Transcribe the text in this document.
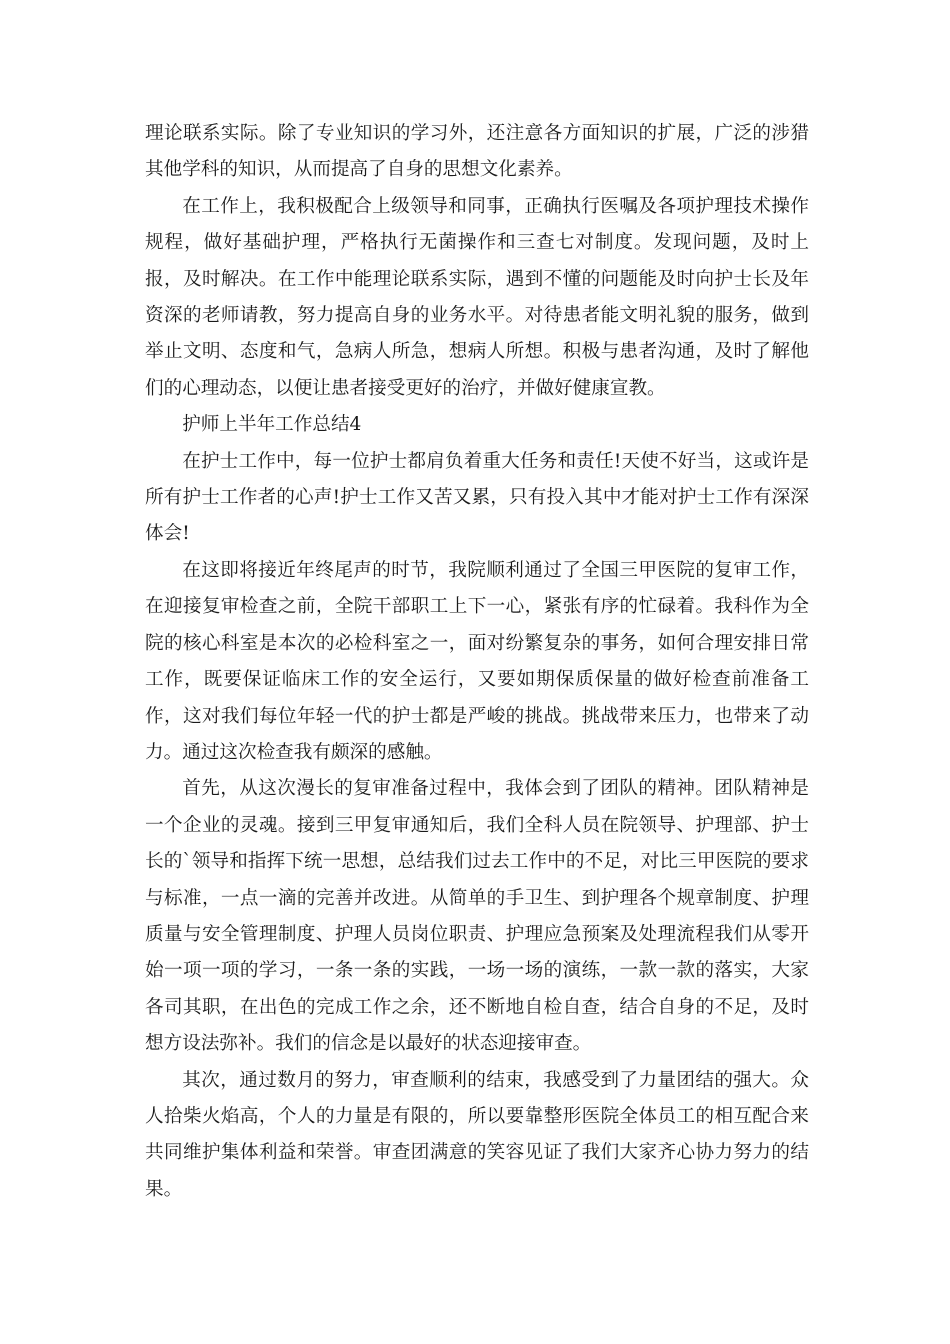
理论联系实际。除了专业知识的学习外，还注意各方面知识的扩展，广泛的涉猎其他学科的知识，从而提高了自身的思想文化素养。

在工作上，我积极配合上级领导和同事，正确执行医嘱及各项护理技术操作规程，做好基础护理，严格执行无菌操作和三查七对制度。发现问题，及时上报，及时解决。在工作中能理论联系实际，遇到不懂的问题能及时向护士长及年资深的老师请教，努力提高自身的业务水平。对待患者能文明礼貌的服务，做到举止文明、态度和气，急病人所急，想病人所想。积极与患者沟通，及时了解他们的心理动态，以便让患者接受更好的治疗，并做好健康宣教。

护师上半年工作总结4

在护士工作中，每一位护士都肩负着重大任务和责任!天使不好当，这或许是所有护士工作者的心声!护士工作又苦又累，只有投入其中才能对护士工作有深深体会!

在这即将接近年终尾声的时节，我院顺利通过了全国三甲医院的复审工作，在迎接复审检查之前，全院干部职工上下一心，紧张有序的忙碌着。我科作为全院的核心科室是本次的必检科室之一，面对纷繁复杂的事务，如何合理安排日常工作，既要保证临床工作的安全运行，又要如期保质保量的做好检查前准备工作，这对我们每位年轻一代的护士都是严峻的挑战。挑战带来压力，也带来了动力。通过这次检查我有颇深的感触。

首先，从这次漫长的复审准备过程中，我体会到了团队的精神。团队精神是一个企业的灵魂。接到三甲复审通知后，我们全科人员在院领导、护理部、护士长的`领导和指挥下统一思想，总结我们过去工作中的不足，对比三甲医院的要求与标准，一点一滴的完善并改进。从简单的手卫生、到护理各个规章制度、护理质量与安全管理制度、护理人员岗位职责、护理应急预案及处理流程我们从零开始一项一项的学习，一条一条的实践，一场一场的演练，一款一款的落实，大家各司其职，在出色的完成工作之余，还不断地自检自查，结合自身的不足，及时想方设法弥补。我们的信念是以最好的状态迎接审查。

其次，通过数月的努力，审查顺利的结束，我感受到了力量团结的强大。众人拾柴火焰高，个人的力量是有限的，所以要靠整形医院全体员工的相互配合来共同维护集体利益和荣誉。审查团满意的笑容见证了我们大家齐心协力努力的结果。
